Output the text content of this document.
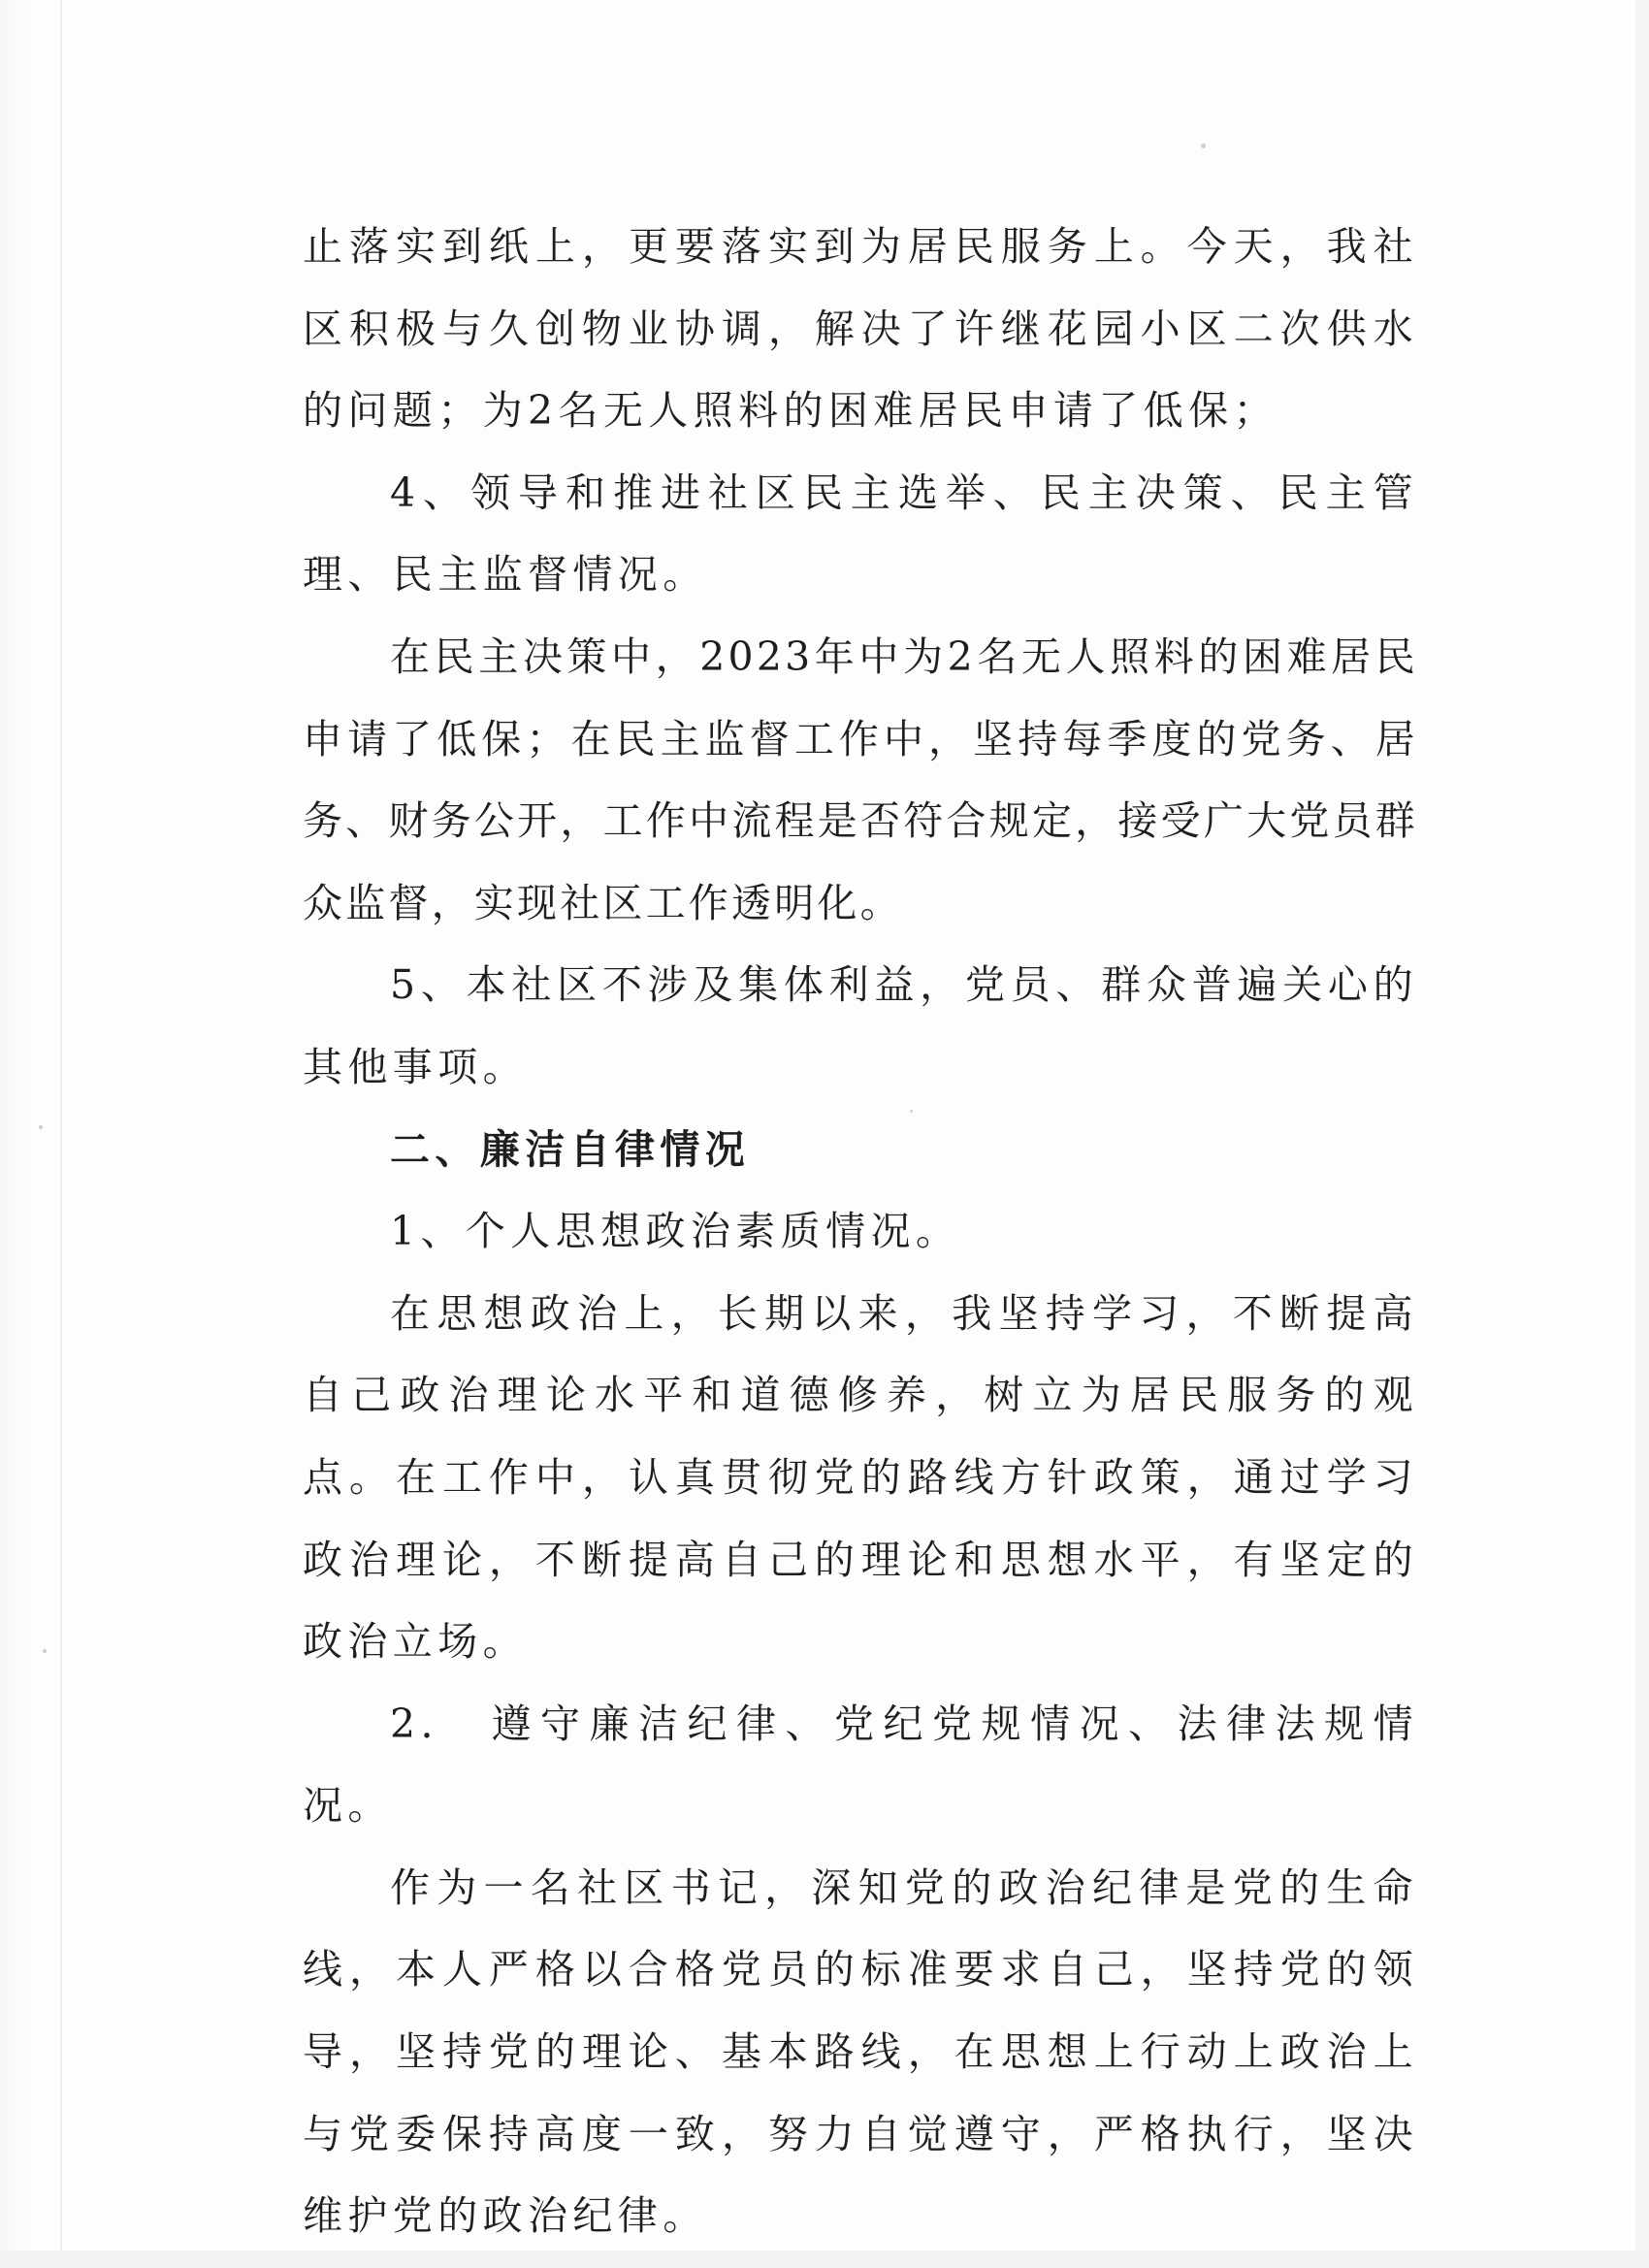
止落实到纸上，更要落实到为居民服务上。今天，我社区积极与久创物业协调，解决了许继花园小区二次供水的问题；为2名无人照料的困难居民申请了低保；

4、领导和推进社区民主选举、民主决策、民主管理、民主监督情况。

在民主决策中，2023年中为2名无人照料的困难居民申请了低保；在民主监督工作中，坚持每季度的党务、居务、财务公开，工作中流程是否符合规定，接受广大党员群众监督，实现社区工作透明化。

5、本社区不涉及集体利益，党员、群众普遍关心的其他事项。

二、廉洁自律情况

1、个人思想政治素质情况。

在思想政治上，长期以来，我坚持学习，不断提高自己政治理论水平和道德修养，树立为居民服务的观点。在工作中，认真贯彻党的路线方针政策，通过学习政治理论，不断提高自己的理论和思想水平，有坚定的政治立场。

2.　遵守廉洁纪律、党纪党规情况、法律法规情况。

作为一名社区书记，深知党的政治纪律是党的生命线，本人严格以合格党员的标准要求自己，坚持党的领导，坚持党的理论、基本路线，在思想上行动上政治上与党委保持高度一致，努力自觉遵守，严格执行，坚决维护党的政治纪律。
